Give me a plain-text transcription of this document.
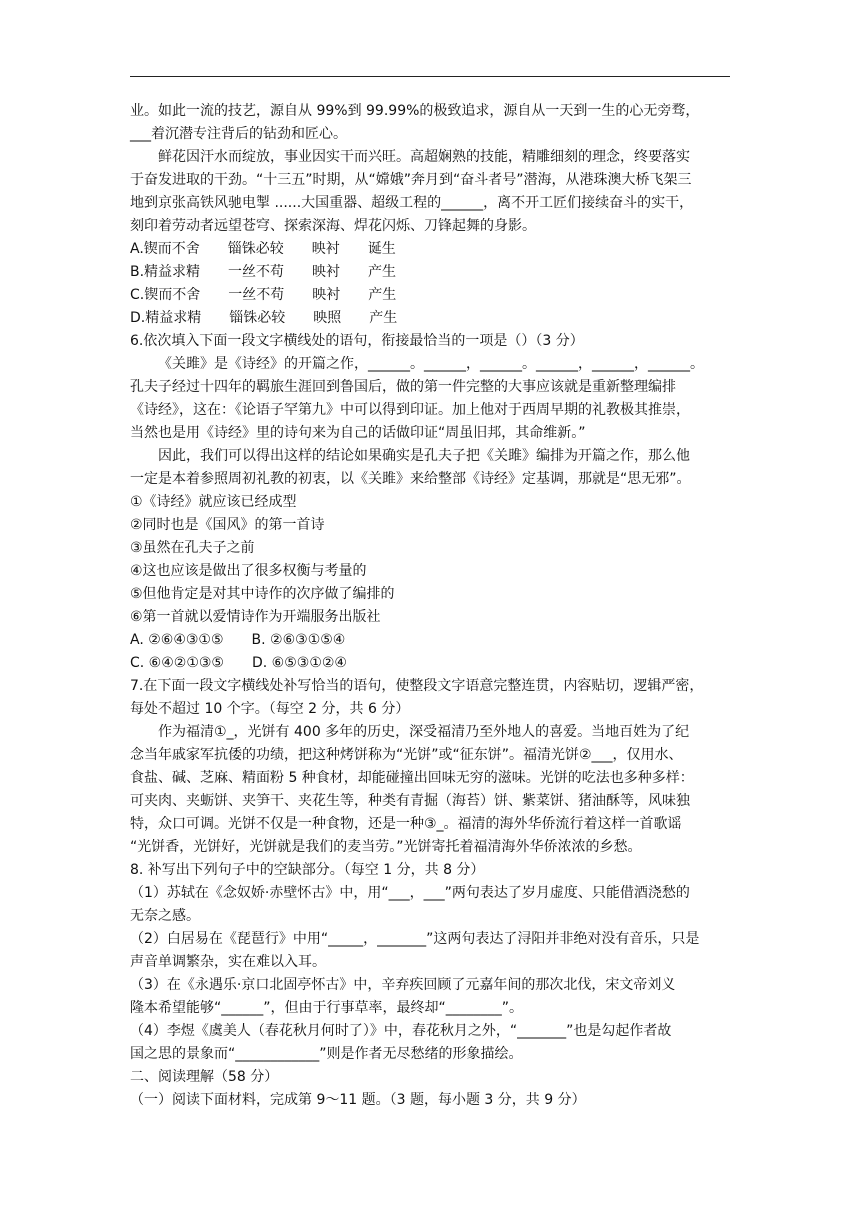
业。如此一流的技艺，源自从 99%到 99.99%的极致追求，源自从一天到一生的心无旁骛，

___着沉潜专注背后的钻劲和匠心。

鲜花因汗水而绽放，事业因实干而兴旺。高超娴熟的技能，精雕细刻的理念，终要落实

于奋发进取的干劲。“十三五”时期，从“嫦娥”奔月到“奋斗者号”潜海，从港珠澳大桥飞架三

地到京张高铁风驰电掣 ......大国重器、超级工程的______，离不开工匠们接续奋斗的实干，

刻印着劳动者远望苍穹、探索深海、焊花闪烁、刀锋起舞的身影。

A.锲而不舍　　锱铢必较　　映衬　　诞生

B.精益求精　　一丝不苟　　映衬　　产生

C.锲而不舍　　一丝不苟　　映衬　　产生

D.精益求精　　锱铢必较　　映照　　产生

6.依次填入下面一段文字横线处的语句，衔接最恰当的一项是（）（3 分）

《关雎》是《诗经》的开篇之作，______。______，______。______，______，______。

孔夫子经过十四年的羁旅生涯回到鲁国后，做的第一件完整的大事应该就是重新整理编排

《诗经》，这在：《论语子罕第九》中可以得到印证。加上他对于西周早期的礼教极其推崇，

当然也是用《诗经》里的诗句来为自己的话做印证“周虽旧邦，其命维新。”

因此，我们可以得出这样的结论如果确实是孔夫子把《关雎》编排为开篇之作，那么他

一定是本着参照周初礼教的初衷，以《关雎》来给整部《诗经》定基调，那就是“思无邪”。

①《诗经》就应该已经成型

②同时也是《国风》的第一首诗

③虽然在孔夫子之前

④这也应该是做出了很多权衡与考量的

⑤但他肯定是对其中诗作的次序做了编排的

⑥第一首就以爱情诗作为开端服务出版社

A. ②⑥④③①⑤　　B. ②⑥③①⑤④

C. ⑥④②①③⑤　　D. ⑥⑤③①②④

7.在下面一段文字横线处补写恰当的语句，使整段文字语意完整连贯，内容贴切，逻辑严密，

每处不超过 10 个字。（每空 2 分，共 6 分）

作为福清①_，光饼有 400 多年的历史，深受福清乃至外地人的喜爱。当地百姓为了纪

念当年戚家军抗倭的功绩，把这种烤饼称为“光饼”或“征东饼”。福清光饼②___，仅用水、

食盐、碱、芝麻、精面粉 5 种食材，却能碰撞出回味无穷的滋味。光饼的吃法也多种多样：

可夹肉、夹蛎饼、夹笋干、夹花生等，种类有青掘（海苔）饼、紫菜饼、猪油酥等，风味独

特，众口可调。光饼不仅是一种食物，还是一种③_。福清的海外华侨流行着这样一首歌谣

“光饼香，光饼好，光饼就是我们的麦当劳。”光饼寄托着福清海外华侨浓浓的乡愁。

8. 补写出下列句子中的空缺部分。（每空 1 分，共 8 分）

（1）苏轼在《念奴娇·赤壁怀古》中，用“___，___”两句表达了岁月虚度、只能借酒浇愁的

无奈之感。

（2）白居易在《琵琶行》中用“_____，_______”这两句表达了浔阳并非绝对没有音乐，只是

声音单调繁杂，实在难以入耳。

（3）在《永遇乐·京口北固亭怀古》中，辛弃疾回顾了元嘉年间的那次北伐，宋文帝刘义

隆本希望能够“______”，但由于行事草率，最终却“________”。

（4）李煜《虞美人（春花秋月何时了）》中，春花秋月之外，“_______”也是勾起作者故

国之思的景象而“____________”则是作者无尽愁绪的形象描绘。

二、阅读理解（58 分）

（一）阅读下面材料，完成第 9～11 题。（3 题，每小题 3 分，共 9 分）
